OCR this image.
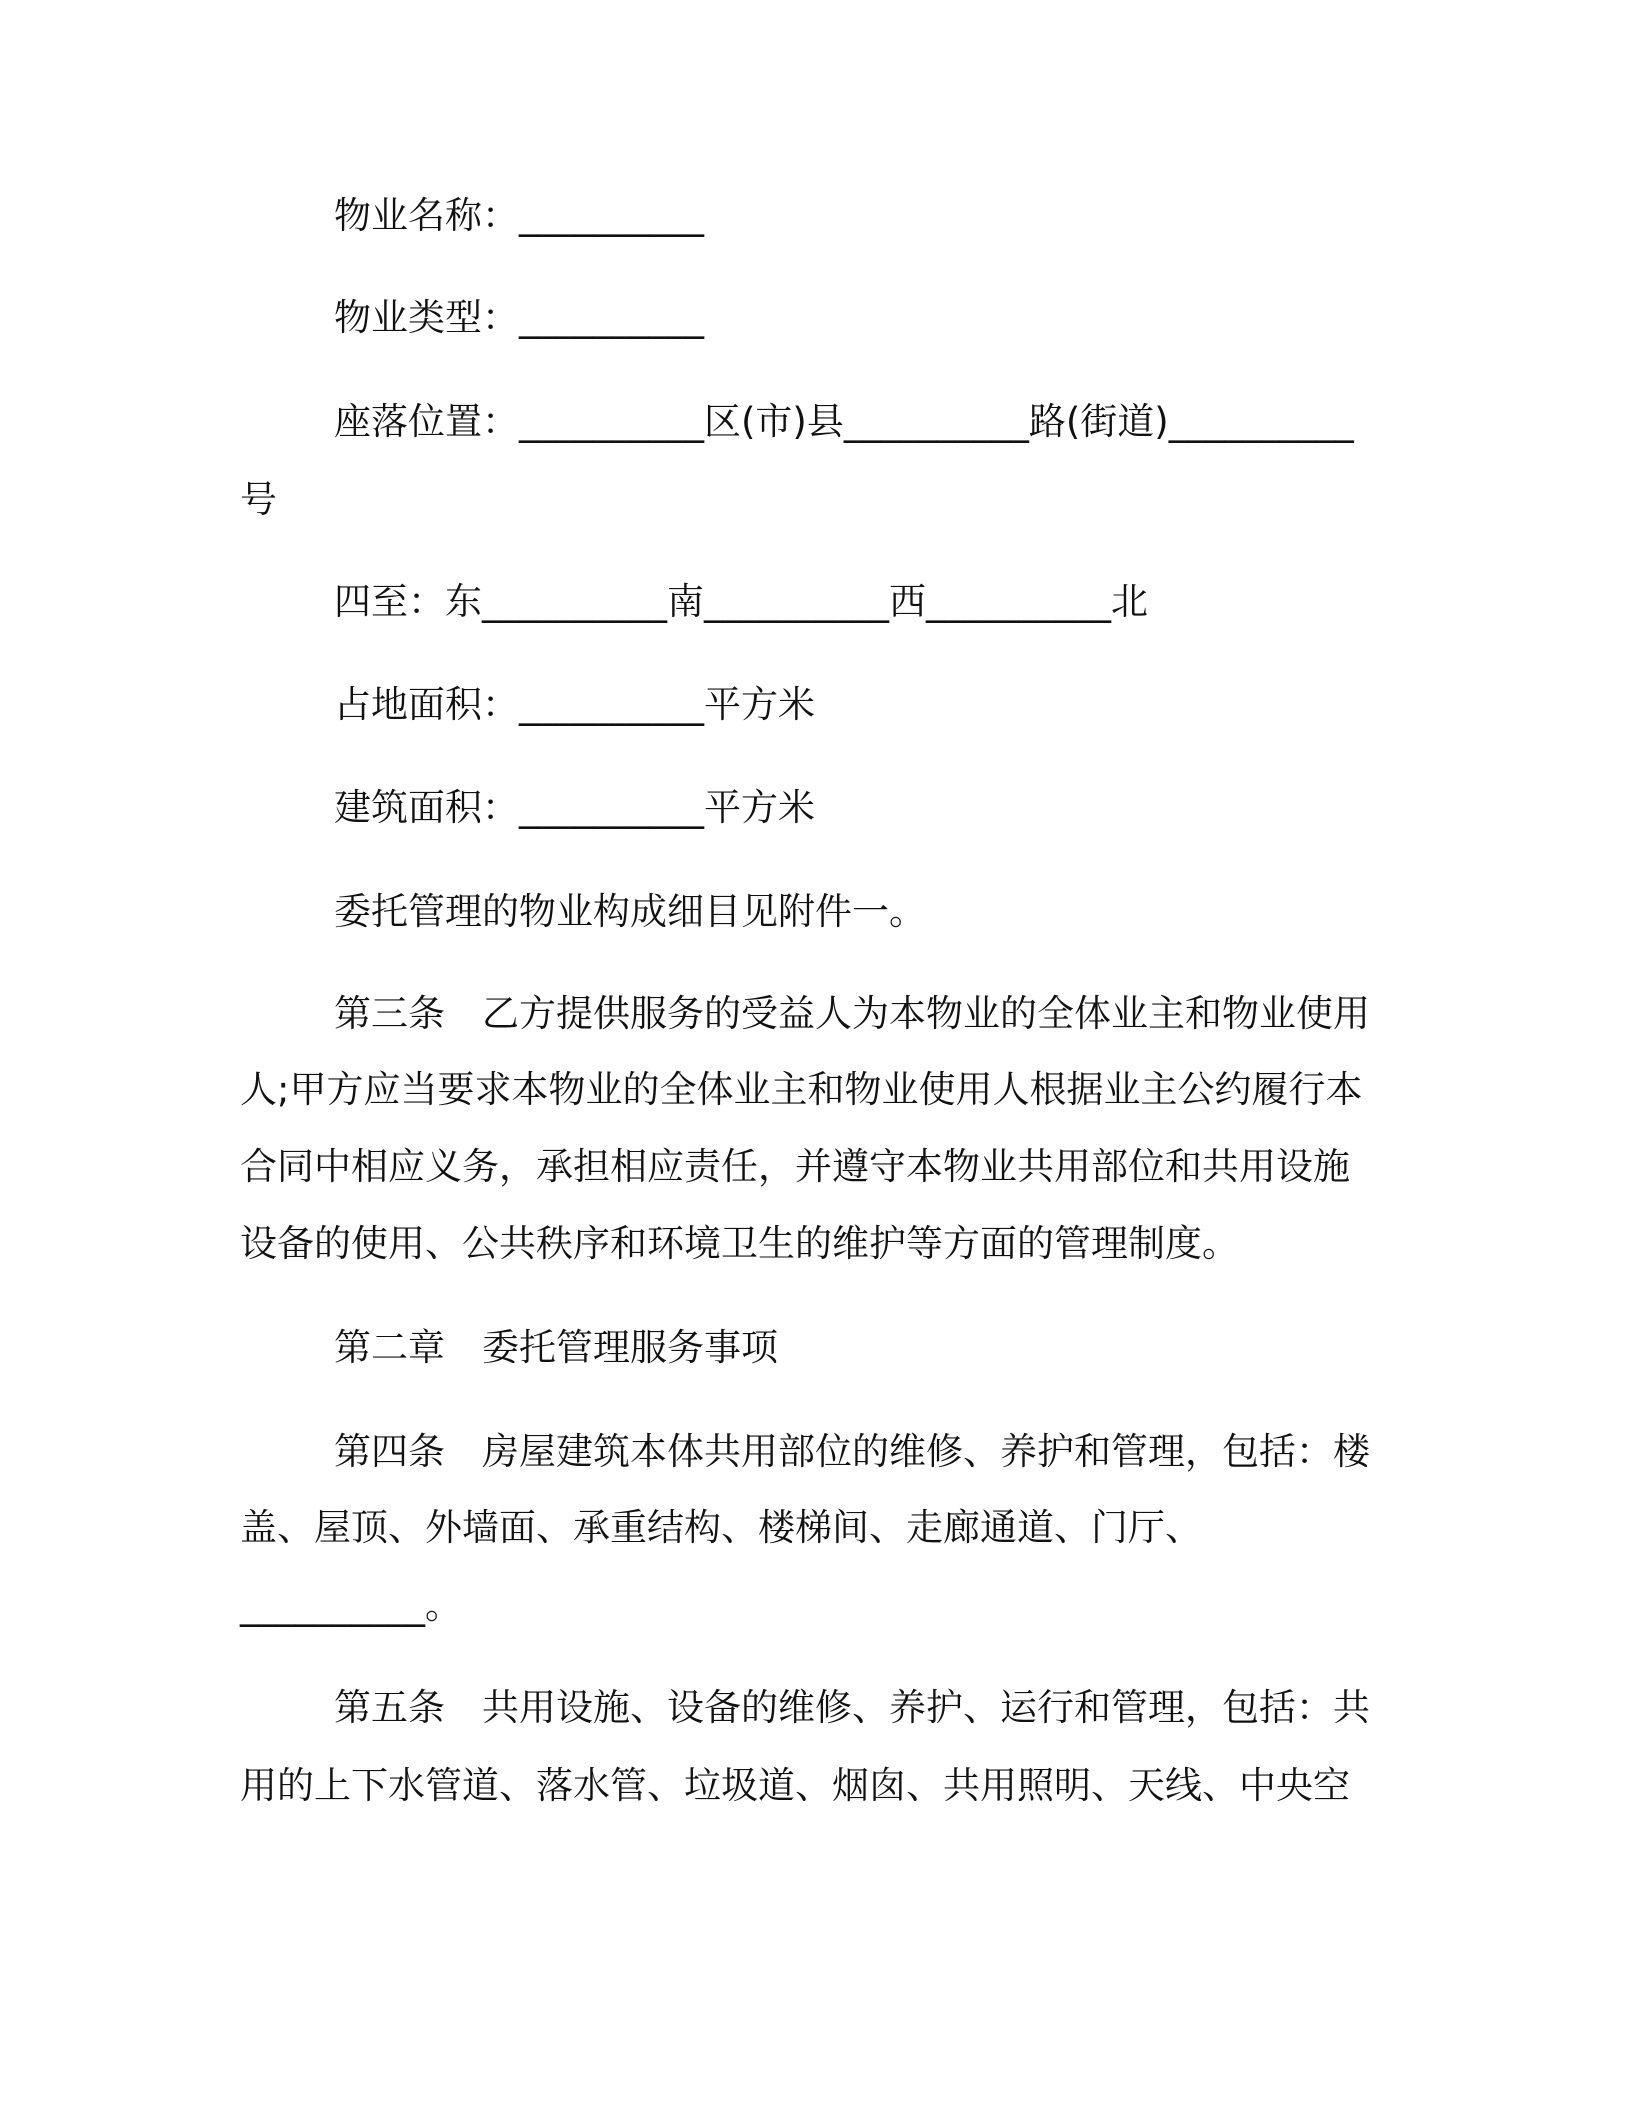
物业名称：__________
物业类型：__________
座落位置：__________区(市)县__________路(街道)__________
号
四至：东__________南__________西__________北
占地面积：__________平方米
建筑面积：__________平方米
委托管理的物业构成细目见附件一。
第三条　乙方提供服务的受益人为本物业的全体业主和物业使用
人;甲方应当要求本物业的全体业主和物业使用人根据业主公约履行本
合同中相应义务，承担相应责任，并遵守本物业共用部位和共用设施
设备的使用、公共秩序和环境卫生的维护等方面的管理制度。
第二章　委托管理服务事项
第四条　房屋建筑本体共用部位的维修、养护和管理，包括：楼
盖、屋顶、外墙面、承重结构、楼梯间、走廊通道、门厅、
__________。
第五条　共用设施、设备的维修、养护、运行和管理，包括：共
用的上下水管道、落水管、垃圾道、烟囱、共用照明、天线、中央空
